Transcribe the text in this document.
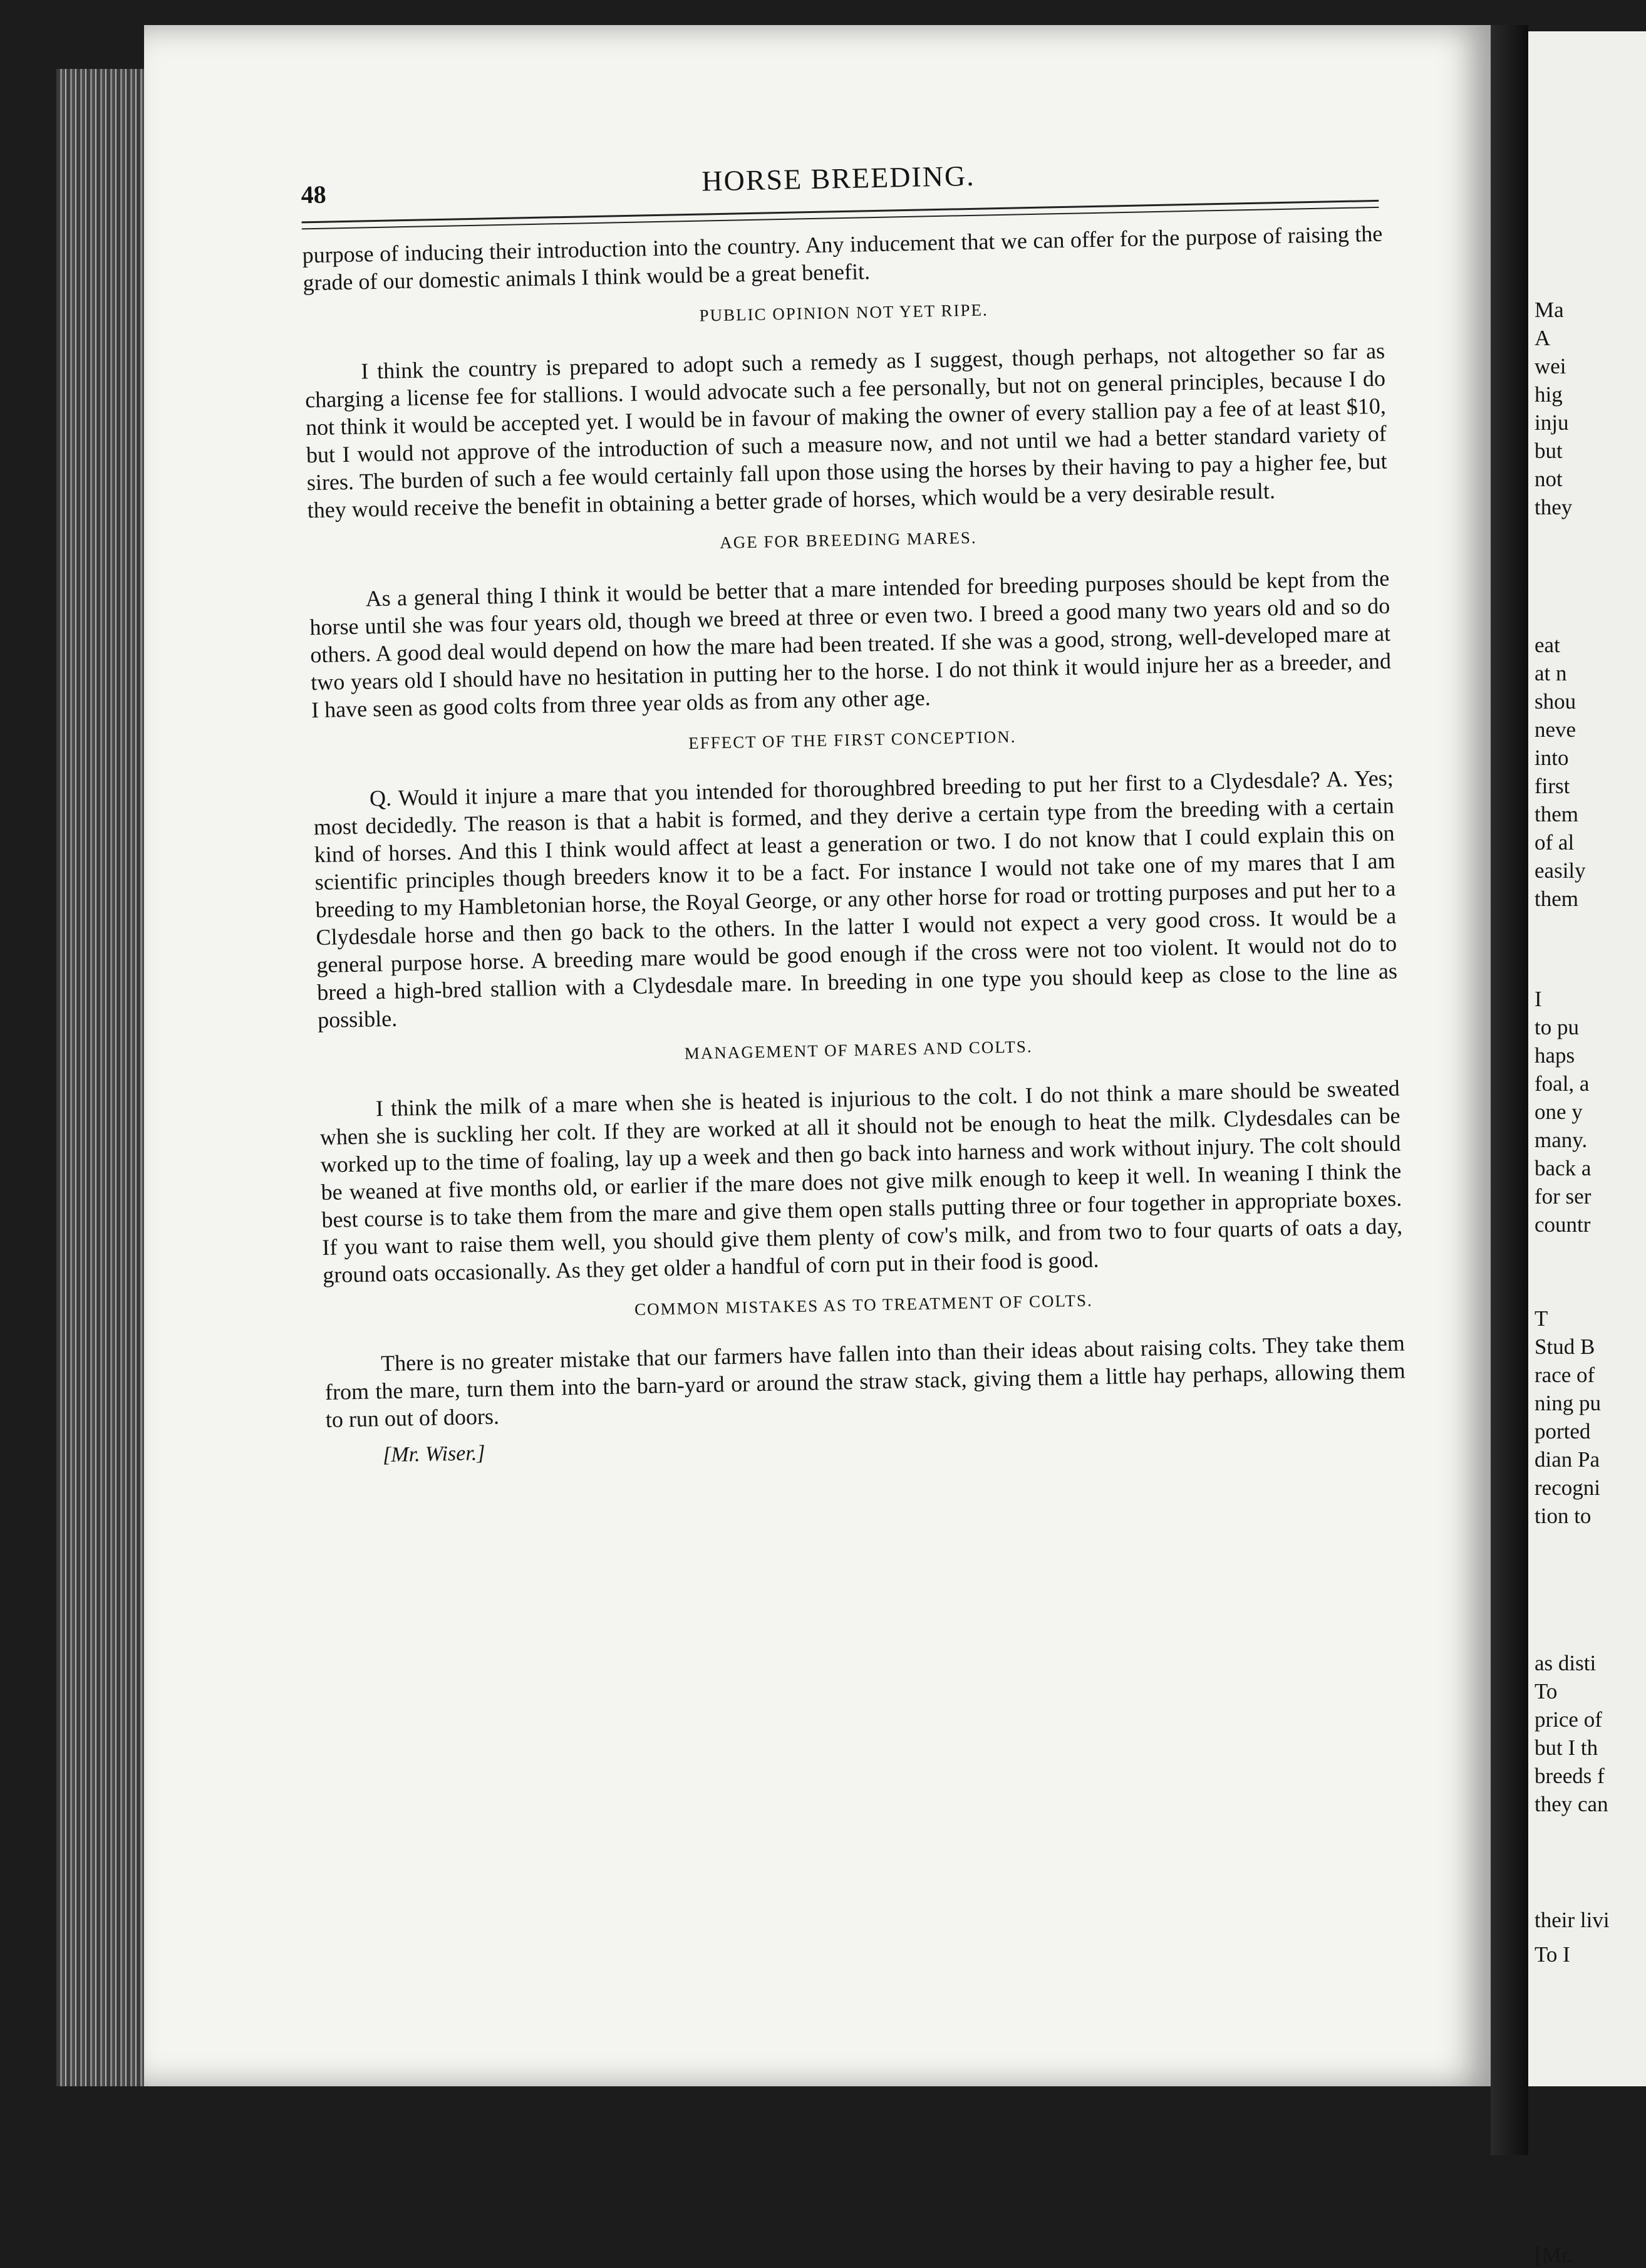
Ma
A
wei
hig
inju
but
not
they
eat
at n
shou
neve
into
first
them
of al
easily
them
I
to pu
haps
foal, a
one y
many.
back a
for ser
countr
T
Stud B
race of
ning pu
ported
dian Pa
recogni
tion to
as disti
To
price of
but I th
breeds f
they can
their livi
To I
[Mr.
48	HORSE BREEDING.

purpose of inducing their introduction into the country. Any inducement that we can offer for the purpose of raising the grade of our domestic animals I think would be a great benefit.

PUBLIC OPINION NOT YET RIPE.

I think the country is prepared to adopt such a remedy as I suggest, though perhaps, not altogether so far as charging a license fee for stallions. I would advocate such a fee personally, but not on general principles, because I do not think it would be accepted yet. I would be in favour of making the owner of every stallion pay a fee of at least $10, but I would not approve of the introduction of such a measure now, and not until we had a better standard variety of sires. The burden of such a fee would certainly fall upon those using the horses by their having to pay a higher fee, but they would receive the benefit in obtaining a better grade of horses, which would be a very desirable result.

AGE FOR BREEDING MARES.

As a general thing I think it would be better that a mare intended for breeding purposes should be kept from the horse until she was four years old, though we breed at three or even two. I breed a good many two years old and so do others. A good deal would depend on how the mare had been treated. If she was a good, strong, well-developed mare at two years old I should have no hesitation in putting her to the horse. I do not think it would injure her as a breeder, and I have seen as good colts from three year olds as from any other age.

EFFECT OF THE FIRST CONCEPTION.

Q. Would it injure a mare that you intended for thoroughbred breeding to put her first to a Clydesdale? A. Yes; most decidedly. The reason is that a habit is formed, and they derive a certain type from the breeding with a certain kind of horses. And this I think would affect at least a generation or two. I do not know that I could explain this on scientific principles though breeders know it to be a fact. For instance I would not take one of my mares that I am breeding to my Hambletonian horse, the Royal George, or any other horse for road or trotting purposes and put her to a Clydesdale horse and then go back to the others. In the latter I would not expect a very good cross. It would be a general purpose horse. A breeding mare would be good enough if the cross were not too violent. It would not do to breed a high-bred stallion with a Clydesdale mare. In breeding in one type you should keep as close to the line as possible.

MANAGEMENT OF MARES AND COLTS.

I think the milk of a mare when she is heated is injurious to the colt. I do not think a mare should be sweated when she is suckling her colt. If they are worked at all it should not be enough to heat the milk. Clydesdales can be worked up to the time of foaling, lay up a week and then go back into harness and work without injury. The colt should be weaned at five months old, or earlier if the mare does not give milk enough to keep it well. In weaning I think the best course is to take them from the mare and give them open stalls putting three or four together in appropriate boxes. If you want to raise them well, you should give them plenty of cow's milk, and from two to four quarts of oats a day, ground oats occasionally. As they get older a handful of corn put in their food is good.

COMMON MISTAKES AS TO TREATMENT OF COLTS.

There is no greater mistake that our farmers have fallen into than their ideas about raising colts. They take them from the mare, turn them into the barn-yard or around the straw stack, giving them a little hay perhaps, allowing them to run out of doors.

[Mr. Wiser.]
